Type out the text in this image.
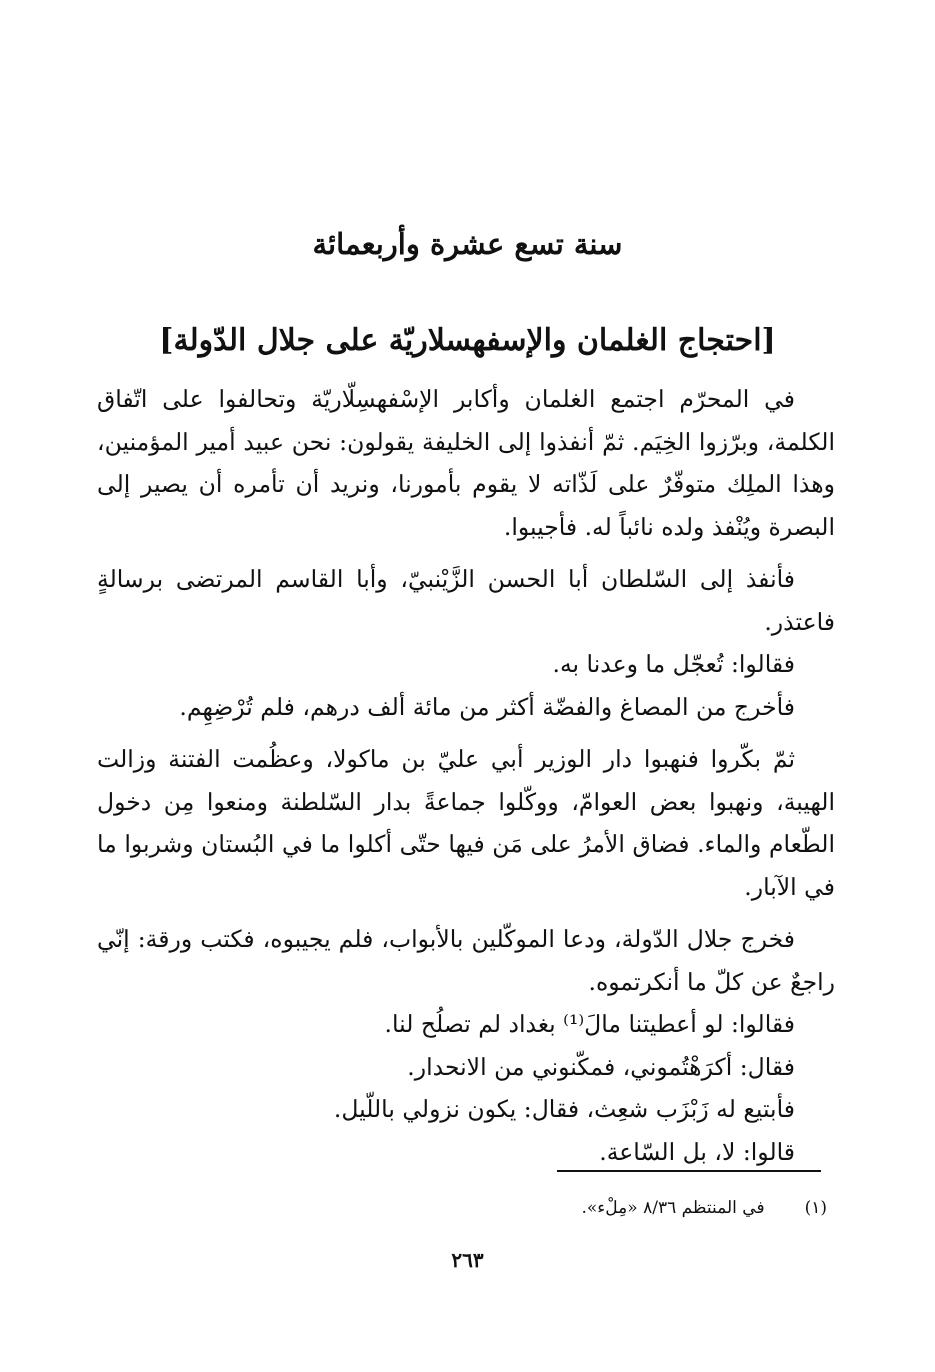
سنة تسع عشرة وأربعمائة
[احتجاج الغلمان والإسفهسلاريّة على جلال الدّولة]

في المحرّم اجتمع الغلمان وأكابر الإسْفهسِلّاريّة وتحالفوا على اتّفاق الكلمة، وبرّزوا الخِيَم. ثمّ أنفذوا إلى الخليفة يقولون: نحن عبيد أمير المؤمنين، وهذا الملِك متوفّرٌ على لَذّاته لا يقوم بأمورنا، ونريد أن تأمره أن يصير إلى البصرة ويُنْفذ ولده نائباً له. فأجيبوا.

فأنفذ إلى السّلطان أبا الحسن الزَّيْنبيّ، وأبا القاسم المرتضى برسالةٍ فاعتذر.

فقالوا: تُعجّل ما وعدنا به.

فأخرج من المصاغ والفضّة أكثر من مائة ألف درهم، فلم تُرْضِهِم.

ثمّ بكّروا فنهبوا دار الوزير أبي عليّ بن ماكولا، وعظُمت الفتنة وزالت الهيبة، ونهبوا بعض العوامّ، ووكّلوا جماعةً بدار السّلطنة ومنعوا مِن دخول الطّعام والماء. فضاق الأمرُ على مَن فيها حتّى أكلوا ما في البُستان وشربوا ما في الآبار.

فخرج جلال الدّولة، ودعا الموكّلين بالأبواب، فلم يجيبوه، فكتب ورقة: إنّي راجعٌ عن كلّ ما أنكرتموه.

فقالوا: لو أعطيتنا مالَ⁽¹⁾ بغداد لم تصلُح لنا.

فقال: أكرَهْتُموني، فمكّنوني من الانحدار.

فأبتيع له زَبْزَب شعِث، فقال: يكون نزولي باللّيل.

قالوا: لا، بل السّاعة.

(١)في المنتظم ٨/٣٦ «مِلْء».
٢٦٣
